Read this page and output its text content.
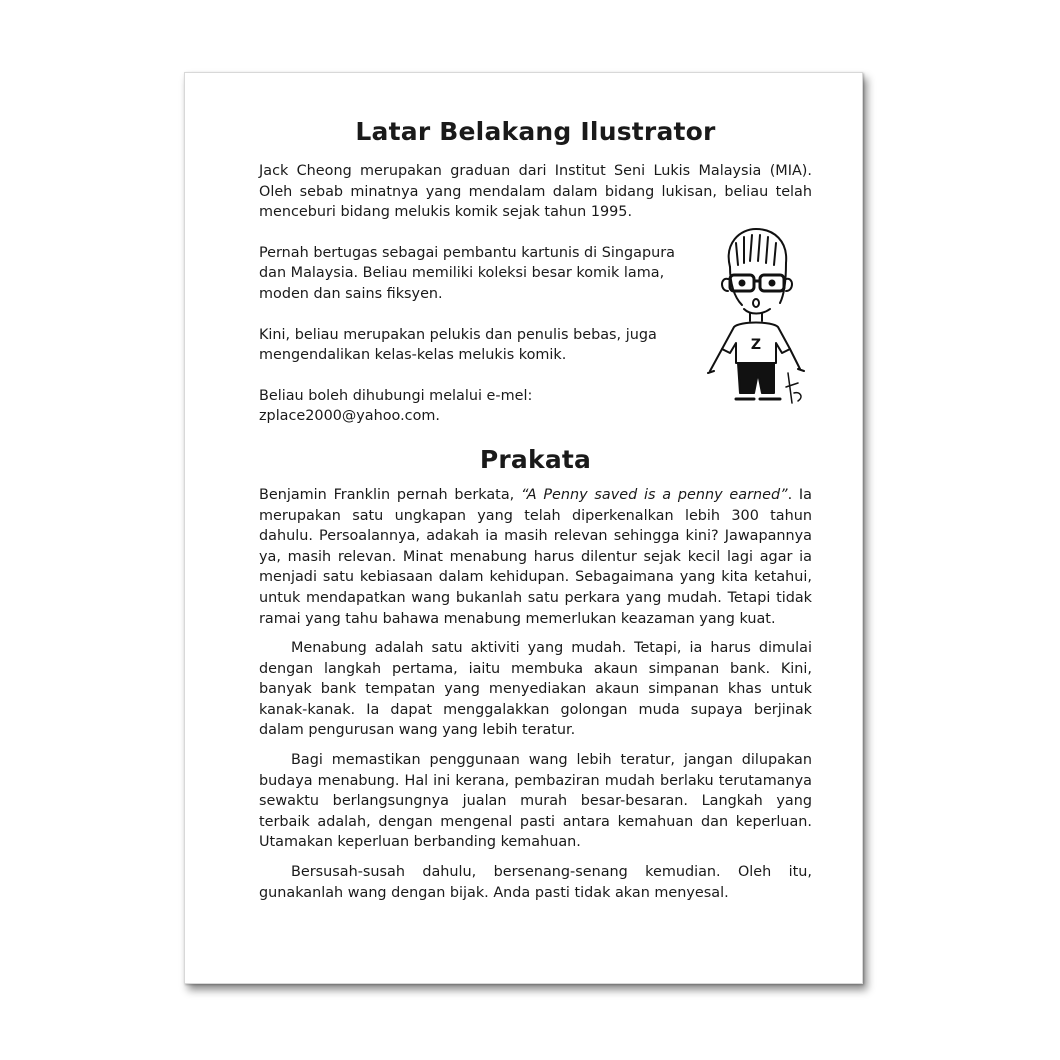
Latar Belakang Ilustrator

Jack Cheong merupakan graduan dari Institut Seni Lukis Malaysia (MIA). Oleh sebab minatnya yang mendalam dalam bidang lukisan, beliau telah menceburi bidang melukis komik sejak tahun 1995.

Pernah bertugas sebagai pembantu kartunis di Singapura dan Malaysia. Beliau memiliki koleksi besar komik lama, moden dan sains fiksyen.

Kini, beliau merupakan pelukis dan penulis bebas, juga mengendalikan kelas-kelas melukis komik.

Beliau boleh dihubungi melalui e-mel:
zplace2000@yahoo.com.

Z
Prakata

Benjamin Franklin pernah berkata, “A Penny saved is a penny earned”. Ia merupakan satu ungkapan yang telah diperkenalkan lebih 300 tahun dahulu. Persoalannya, adakah ia masih relevan sehingga kini? Jawapannya ya, masih relevan. Minat menabung harus dilentur sejak kecil lagi agar ia menjadi satu kebiasaan dalam kehidupan. Sebagaimana yang kita ketahui, untuk mendapatkan wang bukanlah satu perkara yang mudah. Tetapi tidak ramai yang tahu bahawa menabung memerlukan keazaman yang kuat.

Menabung adalah satu aktiviti yang mudah. Tetapi, ia harus dimulai dengan langkah pertama, iaitu membuka akaun simpanan bank. Kini, banyak bank tempatan yang menyediakan akaun simpanan khas untuk kanak-kanak. Ia dapat menggalakkan golongan muda supaya berjinak dalam pengurusan wang yang lebih teratur.

Bagi memastikan penggunaan wang lebih teratur, jangan dilupakan budaya menabung. Hal ini kerana, pembaziran mudah berlaku terutamanya sewaktu berlangsungnya jualan murah besar-besaran. Langkah yang terbaik adalah, dengan mengenal pasti antara kemahuan dan keperluan. Utamakan keperluan berbanding kemahuan.

Bersusah-susah dahulu, bersenang-senang kemudian. Oleh itu, gunakanlah wang dengan bijak. Anda pasti tidak akan menyesal.
